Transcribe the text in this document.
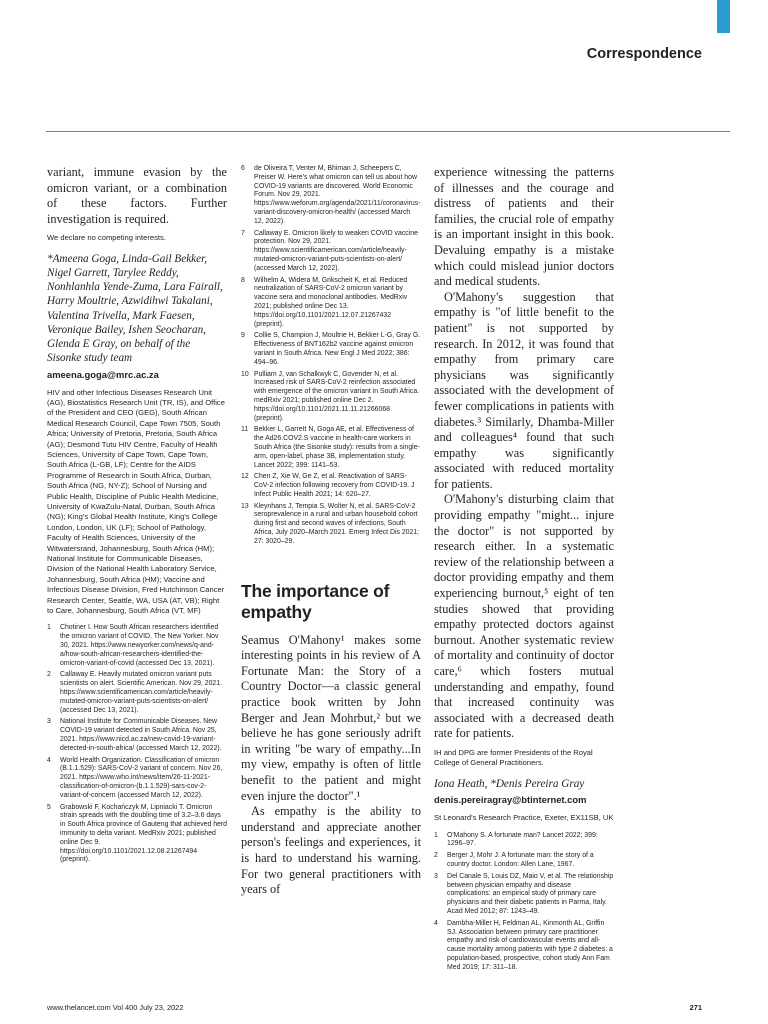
Correspondence

variant, immune evasion by the omicron variant, or a combination of these factors. Further investigation is required.

We declare no competing interests.

*Ameena Goga, Linda-Gail Bekker, Nigel Garrett, Tarylee Reddy, Nonhlanhla Yende-Zuma, Lara Fairall, Harry Moultrie, Azwidihwi Takalani, Valentina Trivella, Mark Faesen, Veronique Bailey, Ishen Seocharan, Glenda E Gray, on behalf of the Sisonke study team

ameena.goga@mrc.ac.za

HIV and other Infectious Diseases Research Unit (AG), Biostatistics Research Unit (TR, IS), and Office of the President and CEO (GEG), South African Medical Research Council, Cape Town 7505, South Africa; University of Pretoria, Pretoria, South Africa (AG); Desmond Tutu HIV Centre, Faculty of Health Sciences, University of Cape Town, Cape Town, South Africa (L-GB, LF); Centre for the AIDS Programme of Research in South Africa, Durban, South Africa (NG, NY-Z); School of Nursing and Public Health, Discipline of Public Health Medicine, University of KwaZulu-Natal, Durban, South Africa (NG); King's Global Health Institute, King's College London, London, UK (LF); School of Pathology, Faculty of Health Sciences, University of the Witwatersrand, Johannesburg, South Africa (HM); National Institute for Communicable Diseases, Division of the National Health Laboratory Service, Johannesburg, South Africa (HM); Vaccine and Infectious Disease Division, Fred Hutchinson Cancer Research Center, Seattle, WA, USA (AT, VB); Right to Care, Johannesburg, South Africa (VT, MF)

1	Chotiner I. How South African researchers identified the omicron variant of COVID. The New Yorker. Nov 30, 2021. https://www.newyorker.com/news/q-and-a/how-south-african-researchers-identified-the-omicron-variant-of-covid (accessed Dec 13, 2021).
2	Callaway E. Heavily mutated omicron variant puts scientists on alert. Scientific American. Nov 29, 2021. https://www.scientificamerican.com/article/heavily-mutated-omicron-variant-puts-scientists-on-alert/ (accessed Dec 13, 2021).
3	National Institute for Communicable Diseases. New COVID-19 variant detected in South Africa. Nov 25, 2021. https://www.nicd.ac.za/new-covid-19-variant-detected-in-south-africa/ (accessed March 12, 2022).
4	World Health Organization. Classification of omicron (B.1.1.529): SARS-CoV-2 variant of concern. Nov 26, 2021. https://www.who.int/news/item/26-11-2021-classification-of-omicron-(b.1.1.529)-sars-cov-2-variant-of-concern (accessed March 12, 2022).
5	Grabowski F, Kochańczyk M, Lipniacki T. Omicron strain spreads with the doubling time of 3.2–3.6 days in South Africa province of Gauteng that achieved herd immunity to delta variant. MedRxiv 2021; published online Dec 9. https://doi.org/10.1101/2021.12.08.21267494 (preprint).
6	de Oliveira T, Venter M, Bhiman J, Scheepers C, Preiser W. Here's what omicron can tell us about how COVID-19 variants are discovered. World Economic Forum. Nov 29, 2021. https://www.weforum.org/agenda/2021/11/coronavirus-variant-discovery-omicron-health/ (accessed March 12, 2022).
7	Callaway E. Omicron likely to weaken COVID vaccine protection. Nov 29, 2021. https://www.scientificamerican.com/article/heavily-mutated-omicron-variant-puts-scientists-on-alert/ (accessed March 12, 2022).
8	Wilhelm A, Widera M, Grikscheit K, et al. Reduced neutralization of SARS-CoV-2 omicron variant by vaccine sera and monoclonal antibodies. MedRxiv 2021; published online Dec 13. https://doi.org/10.1101/2021.12.07.21267432 (preprint).
9	Collie S, Champion J, Moultrie H, Bekker L-G, Gray G. Effectiveness of BNT162b2 vaccine against omicron variant in South Africa. New Engl J Med 2022; 386: 494–96.
10 Pulliam J, van Schalkwyk C, Govender N, et al. Increased risk of SARS-CoV-2 reinfection associated with emergence of the omicron variant in South Africa. medRxiv 2021; published online Dec 2. https://doi.org/10.1101/2021.11.11.21266068 (preprint).
11 Bekker L, Garrett N, Goga AE, et al. Effectiveness of the Ad26.COV2.S vaccine in health-care workers in South Africa (the Sisonke study): results from a single-arm, open-label, phase 3B, implementation study. Lancet 2022; 399: 1141–53.
12 Chen Z, Xie W, Ge Z, et al. Reactivation of SARS-CoV-2 infection following recovery from COVID-19. J Infect Public Health 2021; 14: 620–27.
13 Kleynhans J, Tempia S, Wolter N, et al. SARS-CoV-2 seroprevalence in a rural and urban household cohort during first and second waves of infections, South Africa, July 2020–March 2021. Emerg Infect Dis 2021; 27: 3020–29.
The importance of empathy

Seamus O'Mahony¹ makes some interesting points in his review of A Fortunate Man: the Story of a Country Doctor—a classic general practice book written by John Berger and Jean Mohrbut,² but we believe he has gone seriously adrift in writing "be wary of empathy...In my view, empathy is often of little benefit to the patient and might even injure the doctor".¹

As empathy is the ability to understand and appreciate another person's feelings and experiences, it is hard to understand his warning. For two general practitioners with years of

experience witnessing the patterns of illnesses and the courage and distress of patients and their families, the crucial role of empathy is an important insight in this book. Devaluing empathy is a mistake which could mislead junior doctors and medical students.

O'Mahony's suggestion that empathy is "of little benefit to the patient" is not supported by research. In 2012, it was found that empathy from primary care physicians was significantly associated with the development of fewer complications in patients with diabetes.³ Similarly, Dhamba-Miller and colleagues⁴ found that such empathy was significantly associated with reduced mortality for patients.

O'Mahony's disturbing claim that providing empathy "might... injure the doctor" is not supported by research either. In a systematic review of the relationship between a doctor providing empathy and them experiencing burnout,⁵ eight of ten studies showed that providing empathy protected doctors against burnout. Another systematic review of mortality and continuity of doctor care,⁶ which fosters mutual understanding and empathy, found that increased continuity was associated with a decreased death rate for patients.

IH and DPG are former Presidents of the Royal College of General Practitioners.

Iona Heath, *Denis Pereira Gray

denis.pereiragray@btinternet.com

St Leonard's Research Practice, Exeter, EX11SB, UK

1	O'Mahony S. A fortunate man? Lancet 2022; 399: 1296–97.
2	Berger J, Mohr J. A fortunate man: the story of a country doctor. London: Allen Lane, 1967.
3	Del Canale S, Louis DZ, Maio V, et al. The relationship between physician empathy and disease complications: an empirical study of primary care physicians and their diabetic patients in Parma, Italy. Acad Med 2012; 87: 1243–49.
4	Dambha-Miller H, Feldman AL, Kinmonth AL, Griffin SJ. Association between primary care practitioner empathy and risk of cardiovascular events and all-cause mortality among patients with type 2 diabetes: a population-based, prospective, cohort study Ann Fam Med 2019; 17: 311–18.
www.thelancet.com Vol 400 July 23, 2022	271
